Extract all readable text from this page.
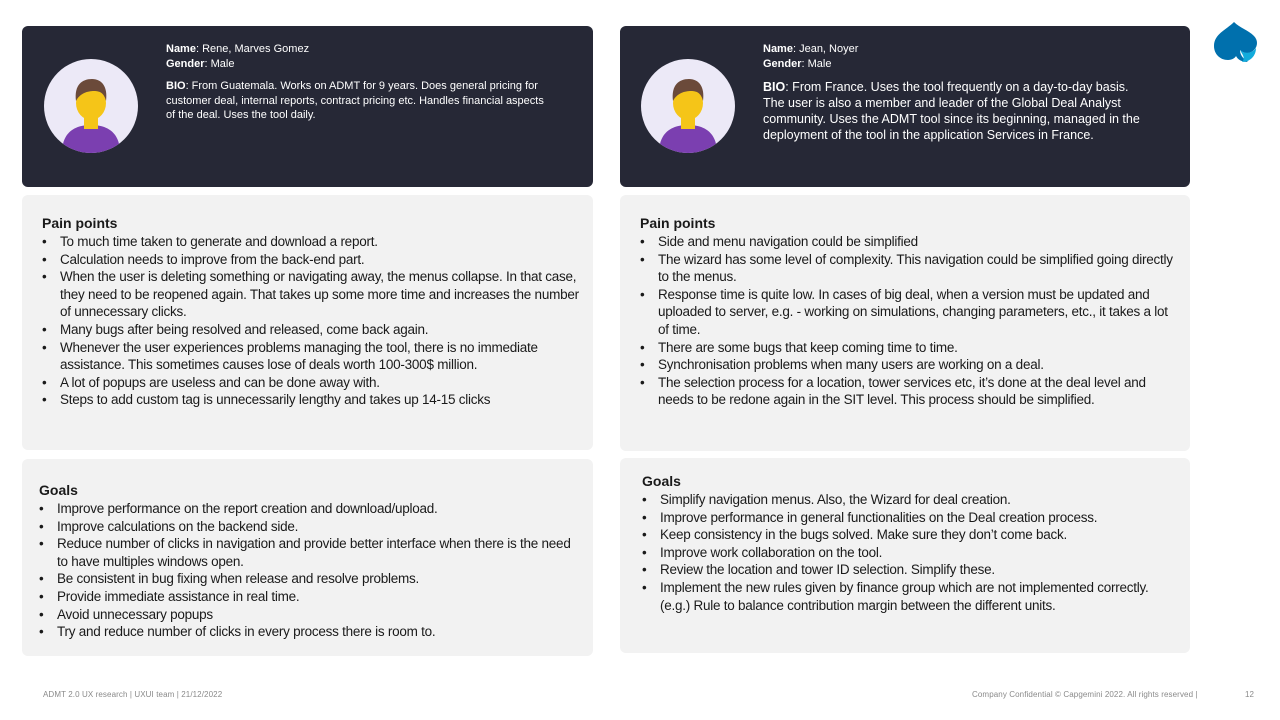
Name: Rene, Marves Gomez

Gender: Male

BIO: From Guatemala. Works on ADMT for 9 years. Does general pricing for customer deal, internal reports, contract pricing etc. Handles financial aspects of the deal. Uses the tool daily.

Name: Jean, Noyer

Gender: Male

BIO: From France. Uses the tool frequently on a day-to-day basis. The user is also a member and leader of the Global Deal Analyst community. Uses the ADMT tool since its beginning, managed in the deployment of the tool in the application Services in France.

Pain points

• To much time taken to generate and download a report.
• Calculation needs to improve from the back-end part.
• When the user is deleting something or navigating away, the menus collapse. In that case, they need to be reopened again. That takes up some more time and increases the number of unnecessary clicks.
• Many bugs after being resolved and released, come back again.
• Whenever the user experiences problems managing the tool, there is no immediate assistance. This sometimes causes lose of deals worth 100-300$ million.
• A lot of popups are useless and can be done away with.
• Steps to add custom tag is unnecessarily lengthy and takes up 14-15 clicks

Pain points

• Side and menu navigation could be simplified
• The wizard has some level of complexity. This navigation could be simplified going directly to the menus.
• Response time is quite low. In cases of big deal, when a version must be updated and uploaded to server, e.g. - working on simulations, changing parameters, etc., it takes a lot of time.
• There are some bugs that keep coming time to time.
• Synchronisation problems when many users are working on a deal.
• The selection process for a location, tower services etc, it’s done at the deal level and needs to be redone again in the SIT level. This process should be simplified.

Goals

• Improve performance on the report creation and download/upload.
• Improve calculations on the backend side.
• Reduce number of clicks in navigation and provide better interface when there is the need to have multiples windows open.
• Be consistent in bug fixing when release and resolve problems.
• Provide immediate assistance in real time.
• Avoid unnecessary popups
• Try and reduce number of clicks in every process there is room to.

Goals

• Simplify navigation menus. Also, the Wizard for deal creation.
• Improve performance in general functionalities on the Deal creation process.
• Keep consistency in the bugs solved. Make sure they don’t come back.
• Improve work collaboration on the tool.
• Review the location and tower ID selection. Simplify these.
• Implement the new rules given by finance group which are not implemented correctly. (e.g.) Rule to balance contribution margin between the different units.
ADMT 2.0 UX research | UXUI team | 21/12/2022	Company Confidential © Capgemini 2022. All rights reserved |	12
